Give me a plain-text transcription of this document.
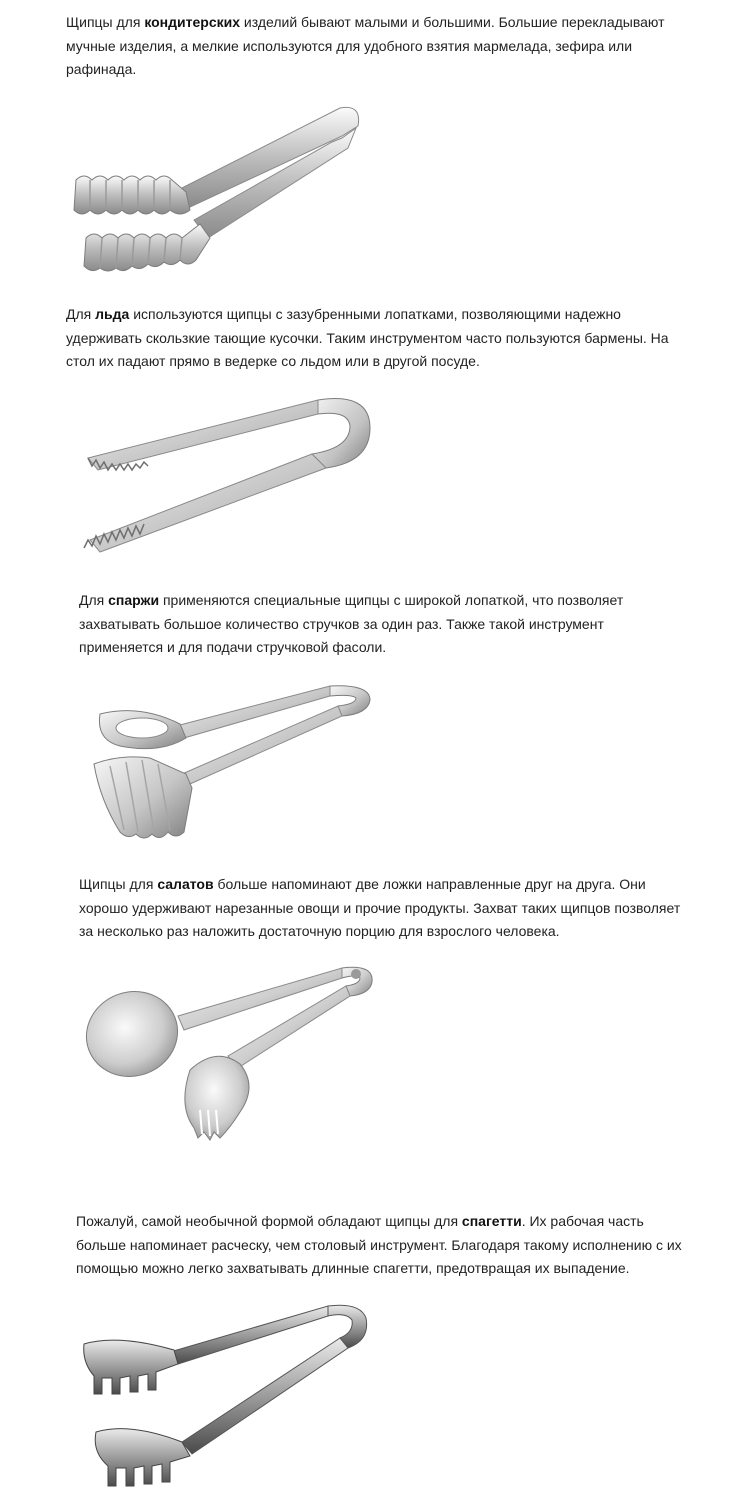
Щипцы для кондитерских изделий бывают малыми и большими. Большие перекладывают мучные изделия, а мелкие используются для удобного взятия мармелада, зефира или рафинада.

Для льда используются щипцы с зазубренными лопатками, позволяющими надежно удерживать скользкие тающие кусочки. Таким инструментом часто пользуются бармены. На стол их падают прямо в ведерке со льдом или в другой посуде.

Для спаржи применяются специальные щипцы с широкой лопаткой, что позволяет захватывать большое количество стручков за один раз. Также такой инструмент применяется и для подачи стручковой фасоли.

Щипцы для салатов больше напоминают две ложки направленные друг на друга. Они хорошо удерживают нарезанные овощи и прочие продукты. Захват таких щипцов позволяет за несколько раз наложить достаточную порцию для взрослого человека.

Пожалуй, самой необычной формой обладают щипцы для спагетти. Их рабочая часть больше напоминает расческу, чем столовый инструмент. Благодаря такому исполнению с их помощью можно легко захватывать длинные спагетти, предотвращая их выпадение.
